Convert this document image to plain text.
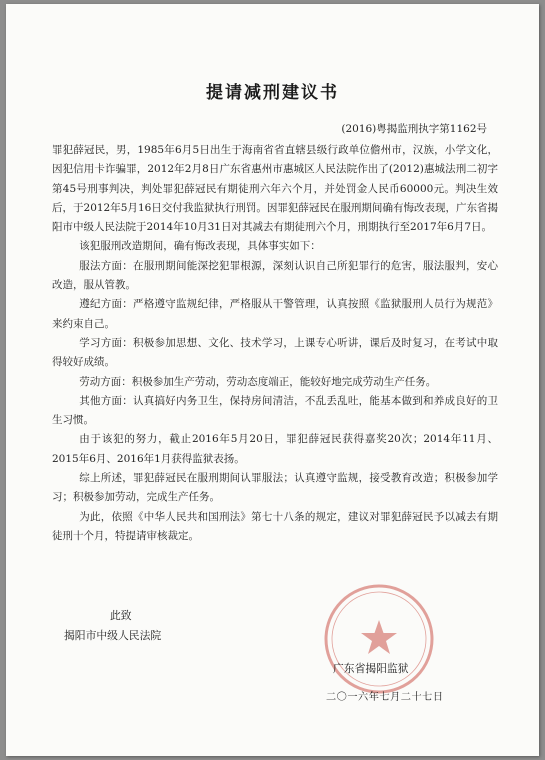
提请减刑建议书
(2016)粤揭监刑执字第1162号

罪犯薛冠民，男，1985年6月5日出生于海南省省直辖县级行政单位儋州市，汉族，小学文化，因犯信用卡诈骗罪，2012年2月8日广东省惠州市惠城区人民法院作出了(2012)惠城法刑二初字第45号刑事判决，判处罪犯薛冠民有期徒刑六年六个月，并处罚金人民币60000元。判决生效后，于2012年5月16日交付我监狱执行刑罚。因罪犯薛冠民在服刑期间确有悔改表现，广东省揭阳市中级人民法院于2014年10月31日对其减去有期徒刑六个月，刑期执行至2017年6月7日。

该犯服刑改造期间，确有悔改表现，具体事实如下：

服法方面：在服刑期间能深挖犯罪根源，深刻认识自己所犯罪行的危害，服法服判，安心改造，服从管教。

遵纪方面：严格遵守监规纪律，严格服从干警管理，认真按照《监狱服刑人员行为规范》来约束自己。

学习方面：积极参加思想、文化、技术学习，上课专心听讲，课后及时复习，在考试中取得较好成绩。

劳动方面：积极参加生产劳动，劳动态度端正，能较好地完成劳动生产任务。

其他方面：认真搞好内务卫生，保持房间清洁，不乱丢乱吐，能基本做到和养成良好的卫生习惯。

由于该犯的努力，截止2016年5月20日，罪犯薛冠民获得嘉奖20次；2014年11月、2015年6月、2016年1月获得监狱表扬。

综上所述，罪犯薛冠民在服刑期间认罪服法；认真遵守监规，接受教育改造；积极参加学习；积极参加劳动，完成生产任务。

为此，依照《中华人民共和国刑法》第七十八条的规定，建议对罪犯薛冠民予以减去有期徒刑十个月，特提请审核裁定。

此致
揭阳市中级人民法院
广东省揭阳监狱
二〇一六年七月二十七日
